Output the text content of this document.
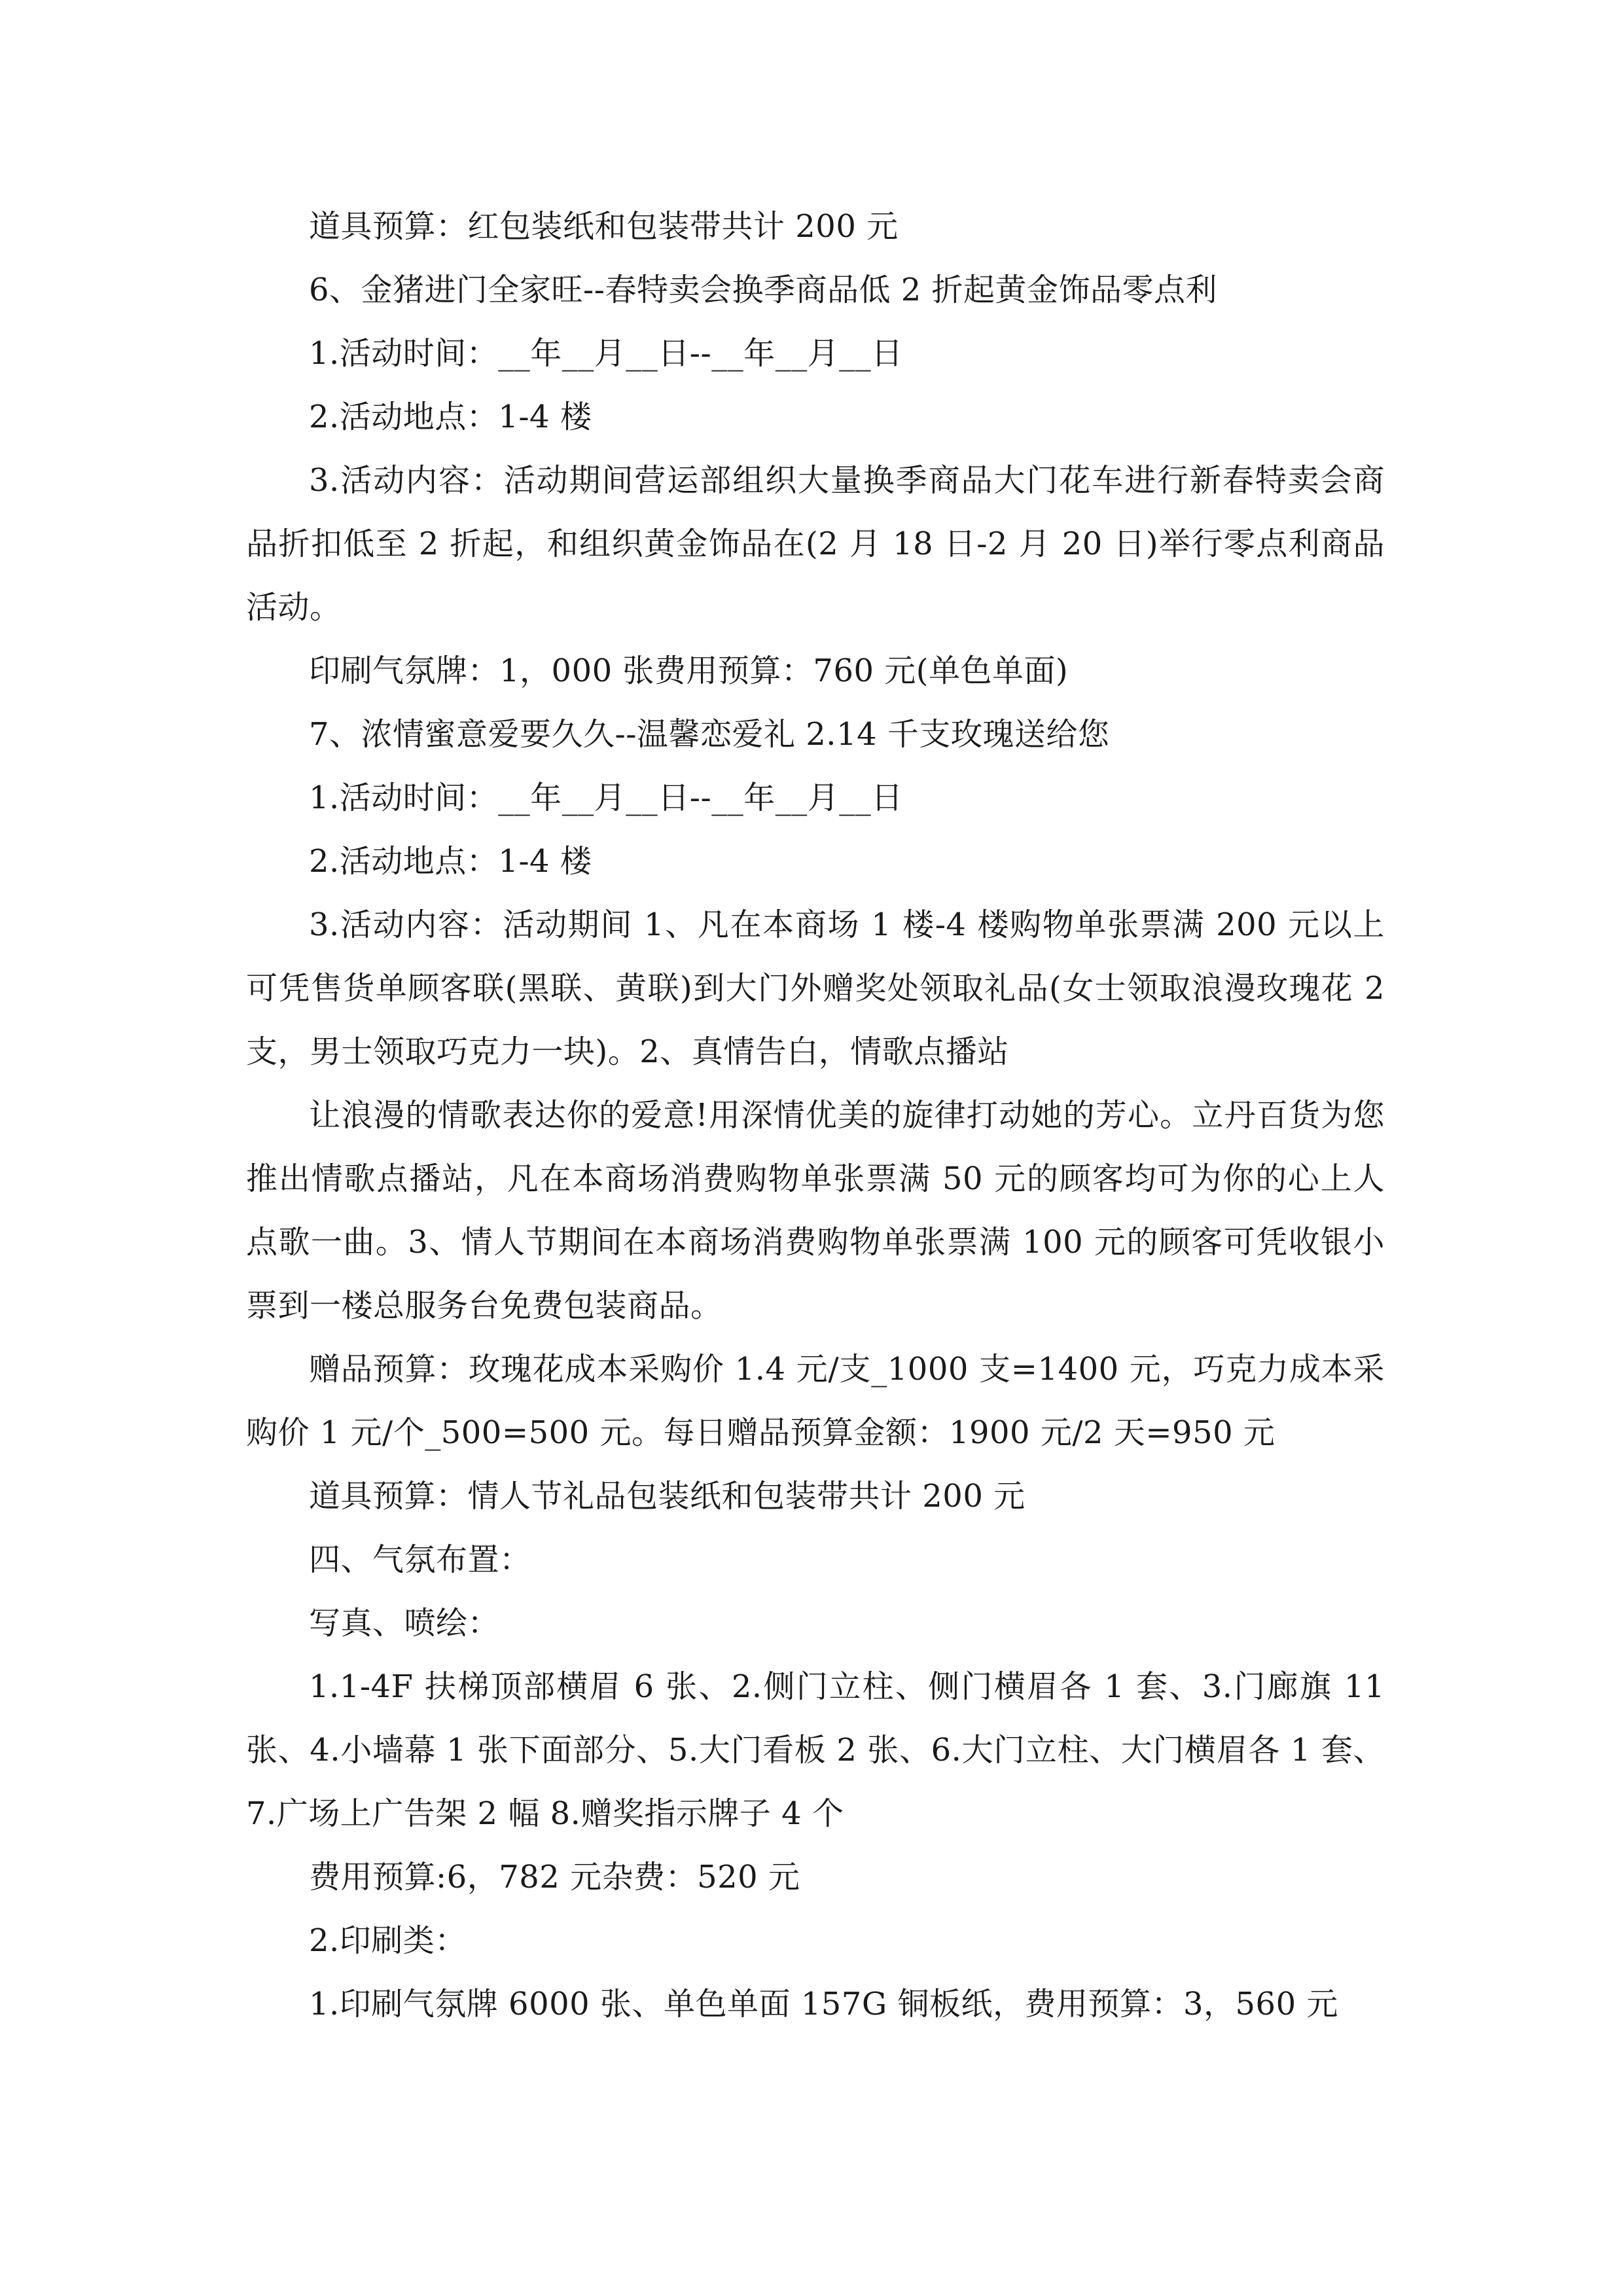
道具预算：红包装纸和包装带共计 200 元

6、金猪进门全家旺--春特卖会换季商品低 2 折起黄金饰品零点利

1.活动时间：__年__月__日--__年__月__日

2.活动地点：1-4 楼

3.活动内容：活动期间营运部组织大量换季商品大门花车进行新春特卖会商品折扣低至 2 折起，和组织黄金饰品在(2 月 18 日-2 月 20 日)举行零点利商品活动。

印刷气氛牌：1，000 张费用预算：760 元(单色单面)

7、浓情蜜意爱要久久--温馨恋爱礼 2.14 千支玫瑰送给您

1.活动时间：__年__月__日--__年__月__日

2.活动地点：1-4 楼

3.活动内容：活动期间 1、凡在本商场 1 楼-4 楼购物单张票满 200 元以上可凭售货单顾客联(黑联、黄联)到大门外赠奖处领取礼品(女士领取浪漫玫瑰花 2 支，男士领取巧克力一块)。2、真情告白，情歌点播站

让浪漫的情歌表达你的爱意!用深情优美的旋律打动她的芳心。立丹百货为您推出情歌点播站，凡在本商场消费购物单张票满 50 元的顾客均可为你的心上人点歌一曲。3、情人节期间在本商场消费购物单张票满 100 元的顾客可凭收银小票到一楼总服务台免费包装商品。

赠品预算：玫瑰花成本采购价 1.4 元/支_1000 支=1400 元，巧克力成本采购价 1 元/个_500=500 元。每日赠品预算金额：1900 元/2 天=950 元

道具预算：情人节礼品包装纸和包装带共计 200 元

四、气氛布置：

写真、喷绘：

1.1-4F 扶梯顶部横眉 6 张、2.侧门立柱、侧门横眉各 1 套、3.门廊旗 11 张、4.小墙幕 1 张下面部分、5.大门看板 2 张、6.大门立柱、大门横眉各 1 套、7.广场上广告架 2 幅 8.赠奖指示牌子 4 个

费用预算:6，782 元杂费：520 元

2.印刷类：

1.印刷气氛牌 6000 张、单色单面 157G 铜板纸，费用预算：3，560 元
